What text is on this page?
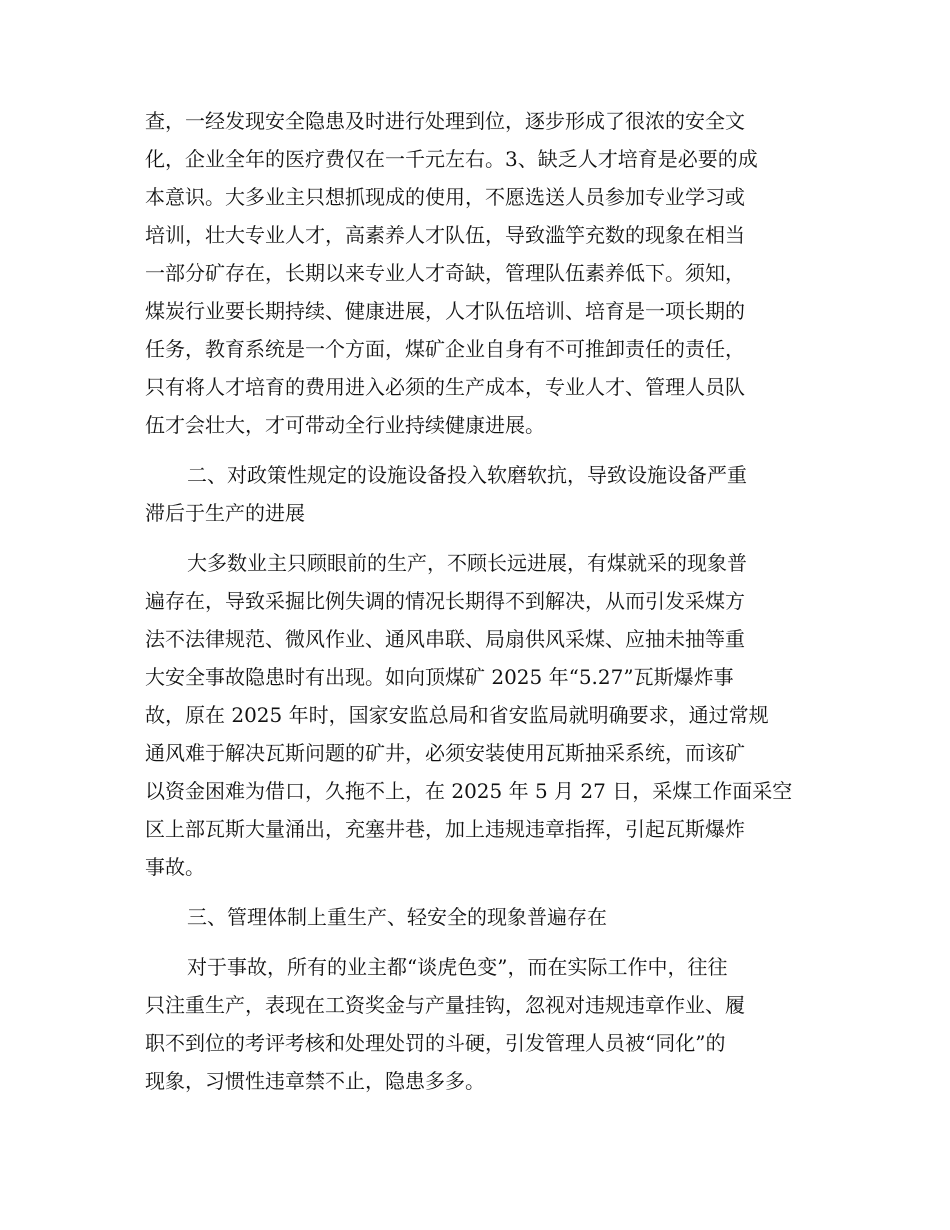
查，一经发现安全隐患及时进行处理到位，逐步形成了很浓的安全文
化，企业全年的医疗费仅在一千元左右。3、缺乏人才培育是必要的成
本意识。大多业主只想抓现成的使用，不愿选送人员参加专业学习或
培训，壮大专业人才，高素养人才队伍，导致滥竽充数的现象在相当
一部分矿存在，长期以来专业人才奇缺，管理队伍素养低下。须知，
煤炭行业要长期持续、健康进展，人才队伍培训、培育是一项长期的
任务，教育系统是一个方面，煤矿企业自身有不可推卸责任的责任，
只有将人才培育的费用进入必须的生产成本，专业人才、管理人员队
伍才会壮大，才可带动全行业持续健康进展。
二、对政策性规定的设施设备投入软磨软抗，导致设施设备严重
滞后于生产的进展
大多数业主只顾眼前的生产，不顾长远进展，有煤就采的现象普
遍存在，导致采掘比例失调的情况长期得不到解决，从而引发采煤方
法不法律规范、微风作业、通风串联、局扇供风采煤、应抽未抽等重
大安全事故隐患时有出现。如向顶煤矿 2025 年“5.27”瓦斯爆炸事
故，原在 2025 年时，国家安监总局和省安监局就明确要求，通过常规
通风难于解决瓦斯问题的矿井，必须安装使用瓦斯抽采系统，而该矿
以资金困难为借口，久拖不上，在 2025 年 5 月 27 日，采煤工作面采空
区上部瓦斯大量涌出，充塞井巷，加上违规违章指挥，引起瓦斯爆炸
事故。
三、管理体制上重生产、轻安全的现象普遍存在
对于事故，所有的业主都“谈虎色变”，而在实际工作中，往往
只注重生产，表现在工资奖金与产量挂钩，忽视对违规违章作业、履
职不到位的考评考核和处理处罚的斗硬，引发管理人员被“同化”的
现象，习惯性违章禁不止，隐患多多。
